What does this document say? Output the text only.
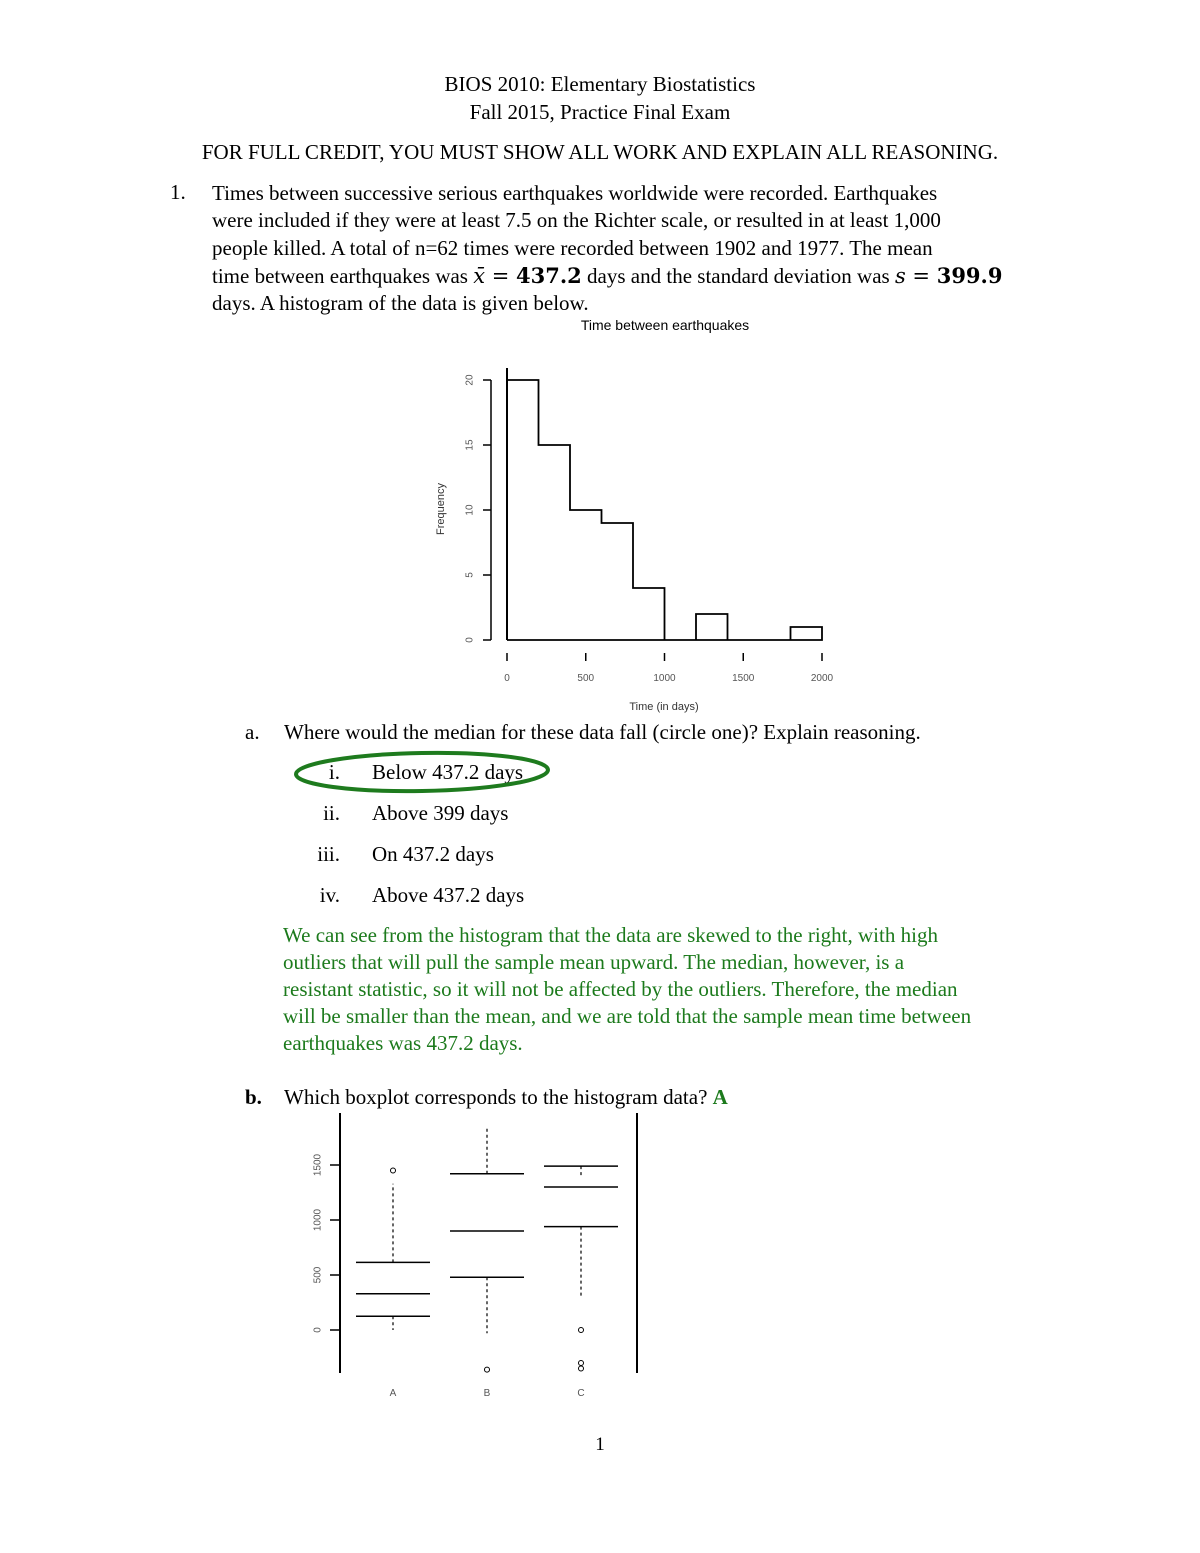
BIOS 2010: Elementary Biostatistics
Fall 2015, Practice Final Exam
FOR FULL CREDIT, YOU MUST SHOW ALL WORK AND EXPLAIN ALL REASONING.
1. Times between successive serious earthquakes worldwide were recorded. Earthquakes
were included if they were at least 7.5 on the Richter scale, or resulted in at least 1,000
people killed. A total of n=62 times were recorded between 1902 and 1977. The mean
time between earthquakes was x̄ = 437.2 days and the standard deviation was s = 399.9
days. A histogram of the data is given below.
Time between earthquakes
0
5
10
15
20
0	500	1000	1500	2000
Time (in days)
Frequency
a. Where would the median for these data fall (circle one)? Explain reasoning.
i. Below 437.2 days
ii. Above 399 days
iii. On 437.2 days
iv. Above 437.2 days
We can see from the histogram that the data are skewed to the right, with high
outliers that will pull the sample mean upward. The median, however, is a
resistant statistic, so it will not be affected by the outliers. Therefore, the median
will be smaller than the mean, and we are told that the sample mean time between
earthquakes was 437.2 days.
b. Which boxplot corresponds to the histogram data? A
0
500
1000
1500
A	B	C
1
